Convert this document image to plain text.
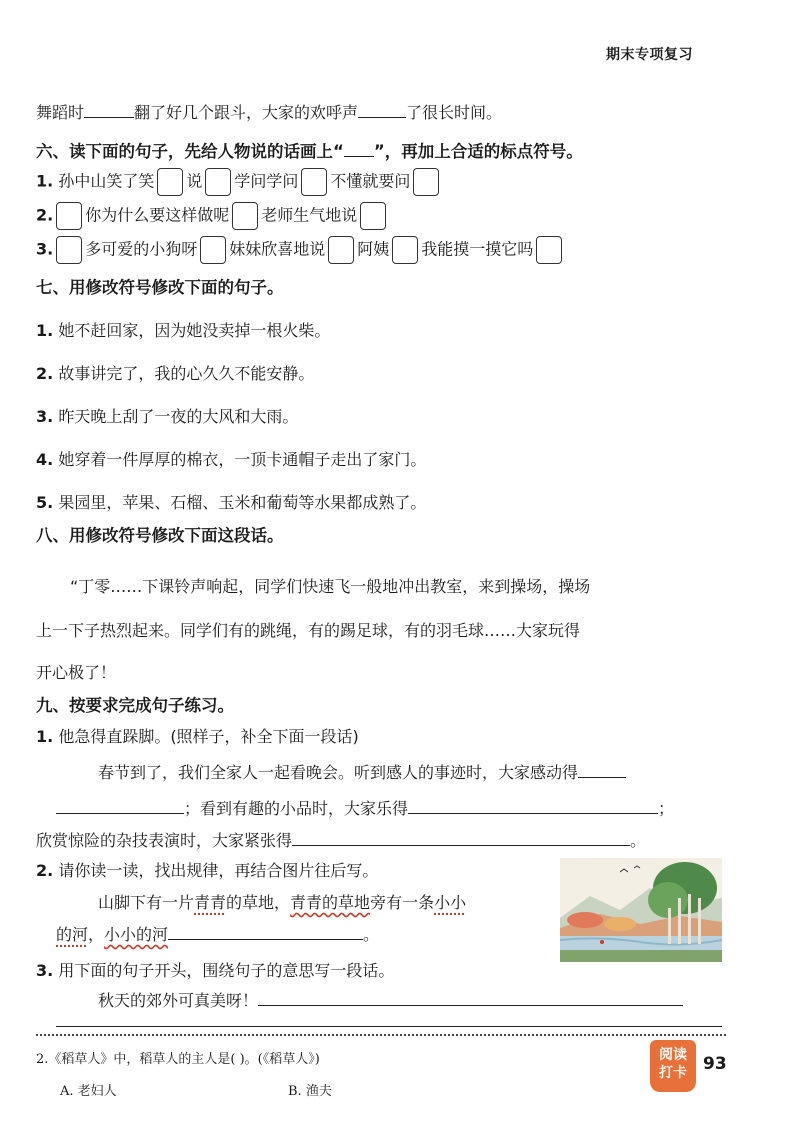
期末专项复习
舞蹈时	翻了好几个跟斗，大家的欢呼声	了很长时间。
六、读下面的句子，先给人物说的话画上“ ”，再加上合适的标点符号。
1. 孙中山笑了笑 说 学问学问 不懂就要问
2. 你为什么要这样做呢 老师生气地说
3. 多可爱的小狗呀 妹妹欣喜地说 阿姨 我能摸一摸它吗
七、用修改符号修改下面的句子。
1. 她不赶回家，因为她没卖掉一根火柴。
2. 故事讲完了，我的心久久不能安静。
3. 昨天晚上刮了一夜的大风和大雨。
4. 她穿着一件厚厚的棉衣，一顶卡通帽子走出了家门。
5. 果园里，苹果、石榴、玉米和葡萄等水果都成熟了。
八、用修改符号修改下面这段话。
“丁零……下课铃声响起，同学们快速飞一般地冲出教室，来到操场，操场
上一下子热烈起来。同学们有的跳绳，有的踢足球，有的羽毛球……大家玩得
开心极了！
九、按要求完成句子练习。
1. 他急得直跺脚。(照样子，补全下面一段话)
春节到了，我们全家人一起看晚会。听到感人的事迹时，大家感动得
；看到有趣的小品时，大家乐得	；
欣赏惊险的杂技表演时，大家紧张得	。
2. 请你读一读，找出规律，再结合图片往后写。
山脚下有一片青青的草地，青青的草地旁有一条小小
的河，小小的河	。
3. 用下面的句子开头，围绕句子的意思写一段话。
秋天的郊外可真美呀！
2.《稻草人》中，稻草人的主人是( )。(《稻草人》)
A. 老妇人	B. 渔夫
阅读打卡 93
